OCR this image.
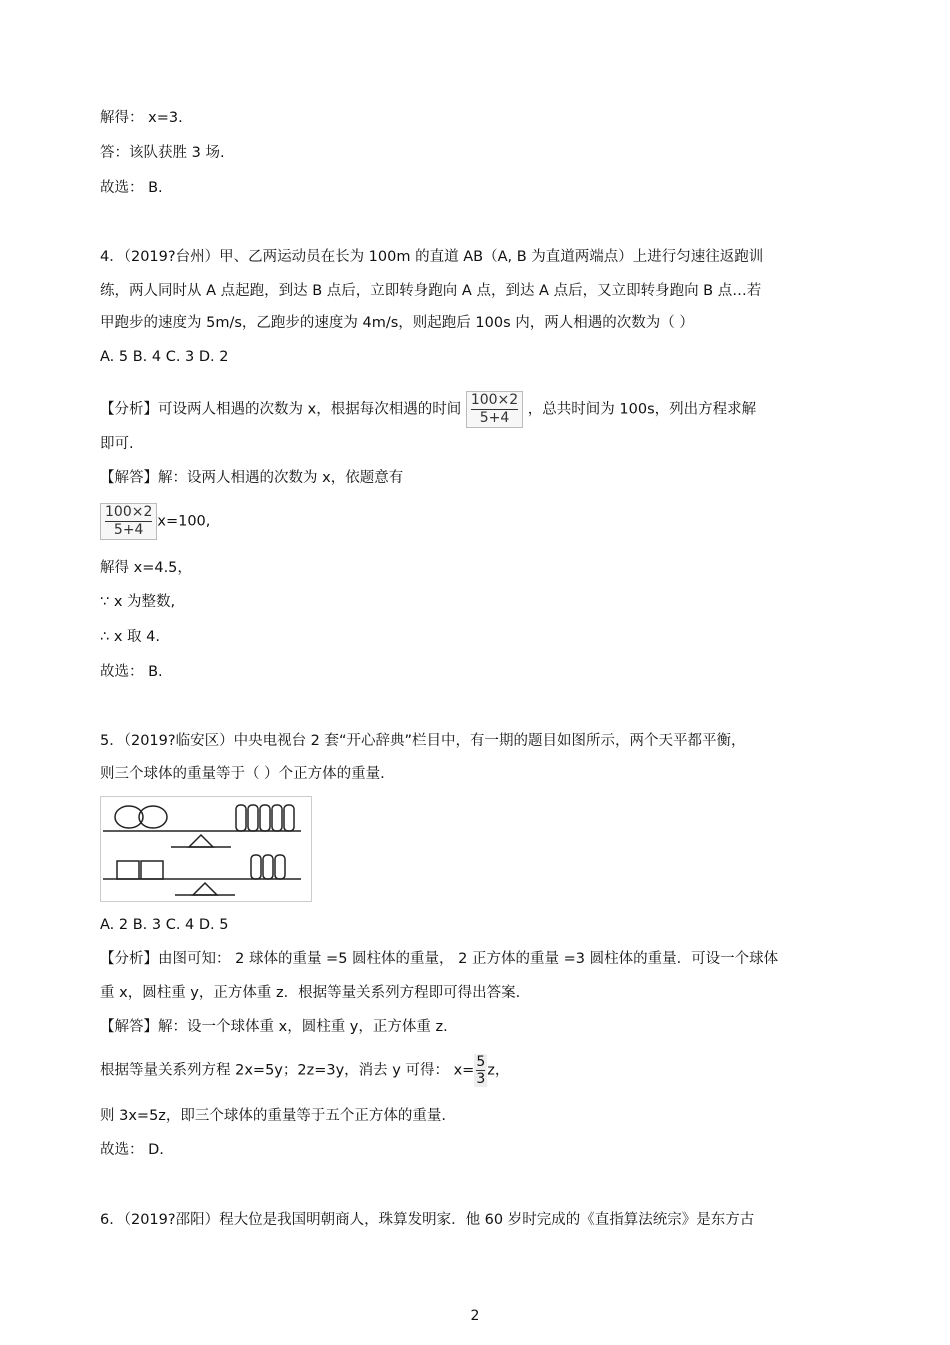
解得： x=3.
答：该队获胜 3 场.
故选： B.
4．（2019?台州）甲、乙两运动员在长为 100m 的直道 AB（A, B 为直道两端点）上进行匀速往返跑训
练，两人同时从 A 点起跑，到达 B 点后，立即转身跑向 A 点，到达 A 点后，又立即转身跑向 B 点…若
甲跑步的速度为 5m/s，乙跑步的速度为 4m/s，则起跑后 100s 内，两人相遇的次数为（ ）
A. 5 B. 4 C. 3 D. 2
【分析】可设两人相遇的次数为 x，根据每次相遇的时间 $\frac{100\times 2}{5+4}$ ，总共时间为 100s，列出方程求解
即可.
【解答】解：设两人相遇的次数为 x，依题意有
$\frac{100\times 2}{5+4} x=100$,
解得 x=4.5，
∵ x 为整数,
∴ x 取 4.
故选： B.
5．（2019?临安区）中央电视台 2 套“开心辞典”栏目中，有一期的题目如图所示，两个天平都平衡，
则三个球体的重量等于（ ）个正方体的重量.
A. 2 B. 3 C. 4 D. 5
【分析】由图可知： 2 球体的重量 =5 圆柱体的重量， 2 正方体的重量 =3 圆柱体的重量．可设一个球体
重 x，圆柱重 y，正方体重 z．根据等量关系列方程即可得出答案.
【解答】解：设一个球体重 x，圆柱重 y，正方体重 z.
根据等量关系列方程 2x=5y；2z=3y，消去 y 可得： $x= \frac{5}{3}$ z，
则 3x=5z，即三个球体的重量等于五个正方体的重量.
故选： D.
6．（2019?邵阳）程大位是我国明朝商人，珠算发明家．他 60 岁时完成的《直指算法统宗》是东方古
2
